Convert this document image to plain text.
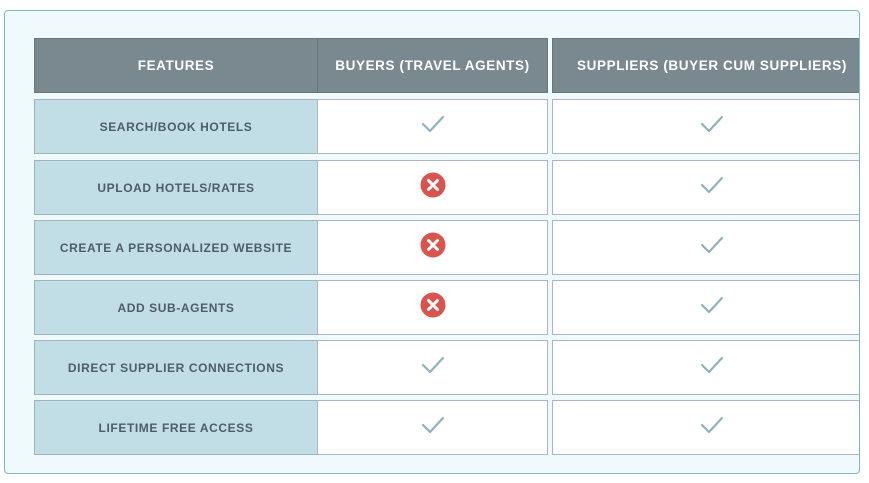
FEATURES	BUYERS (TRAVEL AGENTS)	SUPPLIERS (BUYER CUM SUPPLIERS)
SEARCH/BOOK HOTELS
UPLOAD HOTELS/RATES
CREATE A PERSONALIZED WEBSITE
ADD SUB-AGENTS
DIRECT SUPPLIER CONNECTIONS
LIFETIME FREE ACCESS
